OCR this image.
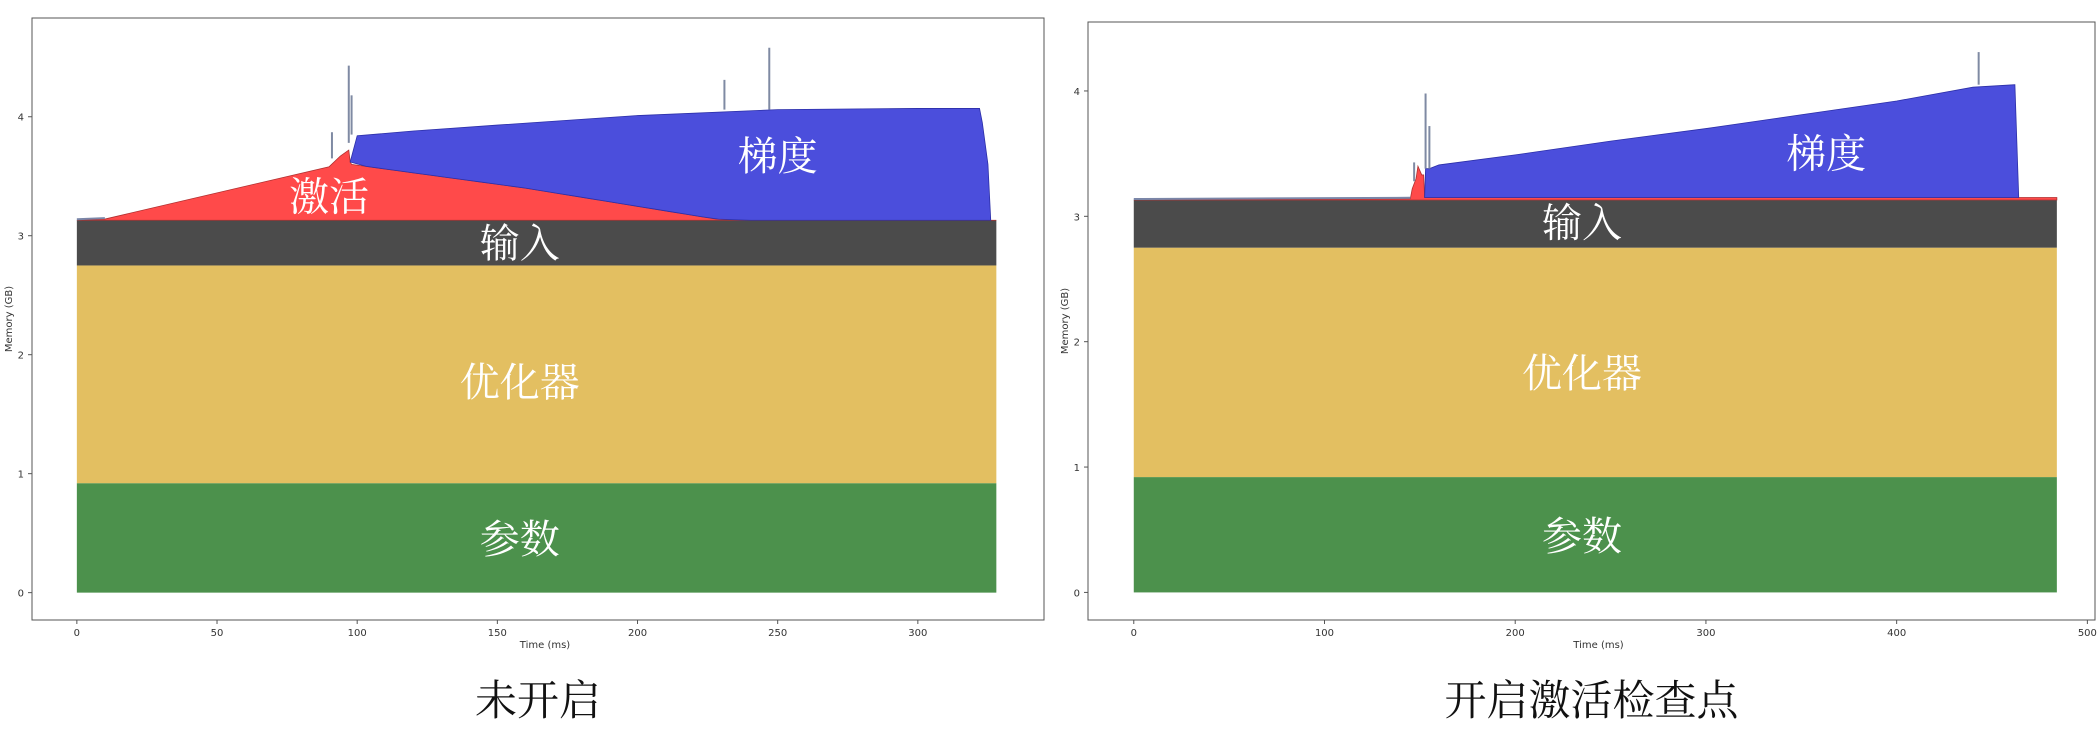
0	50	100	150	200	250	300
0
1
2
3
4
Time (ms)
Memory (GB)
参数
优化器
输入
激活
梯度
未开启
0	100	200	300	400	500
0
1
2
3
4
Time (ms)
Memory (GB)
参数
优化器
输入
梯度
开启激活检查点
